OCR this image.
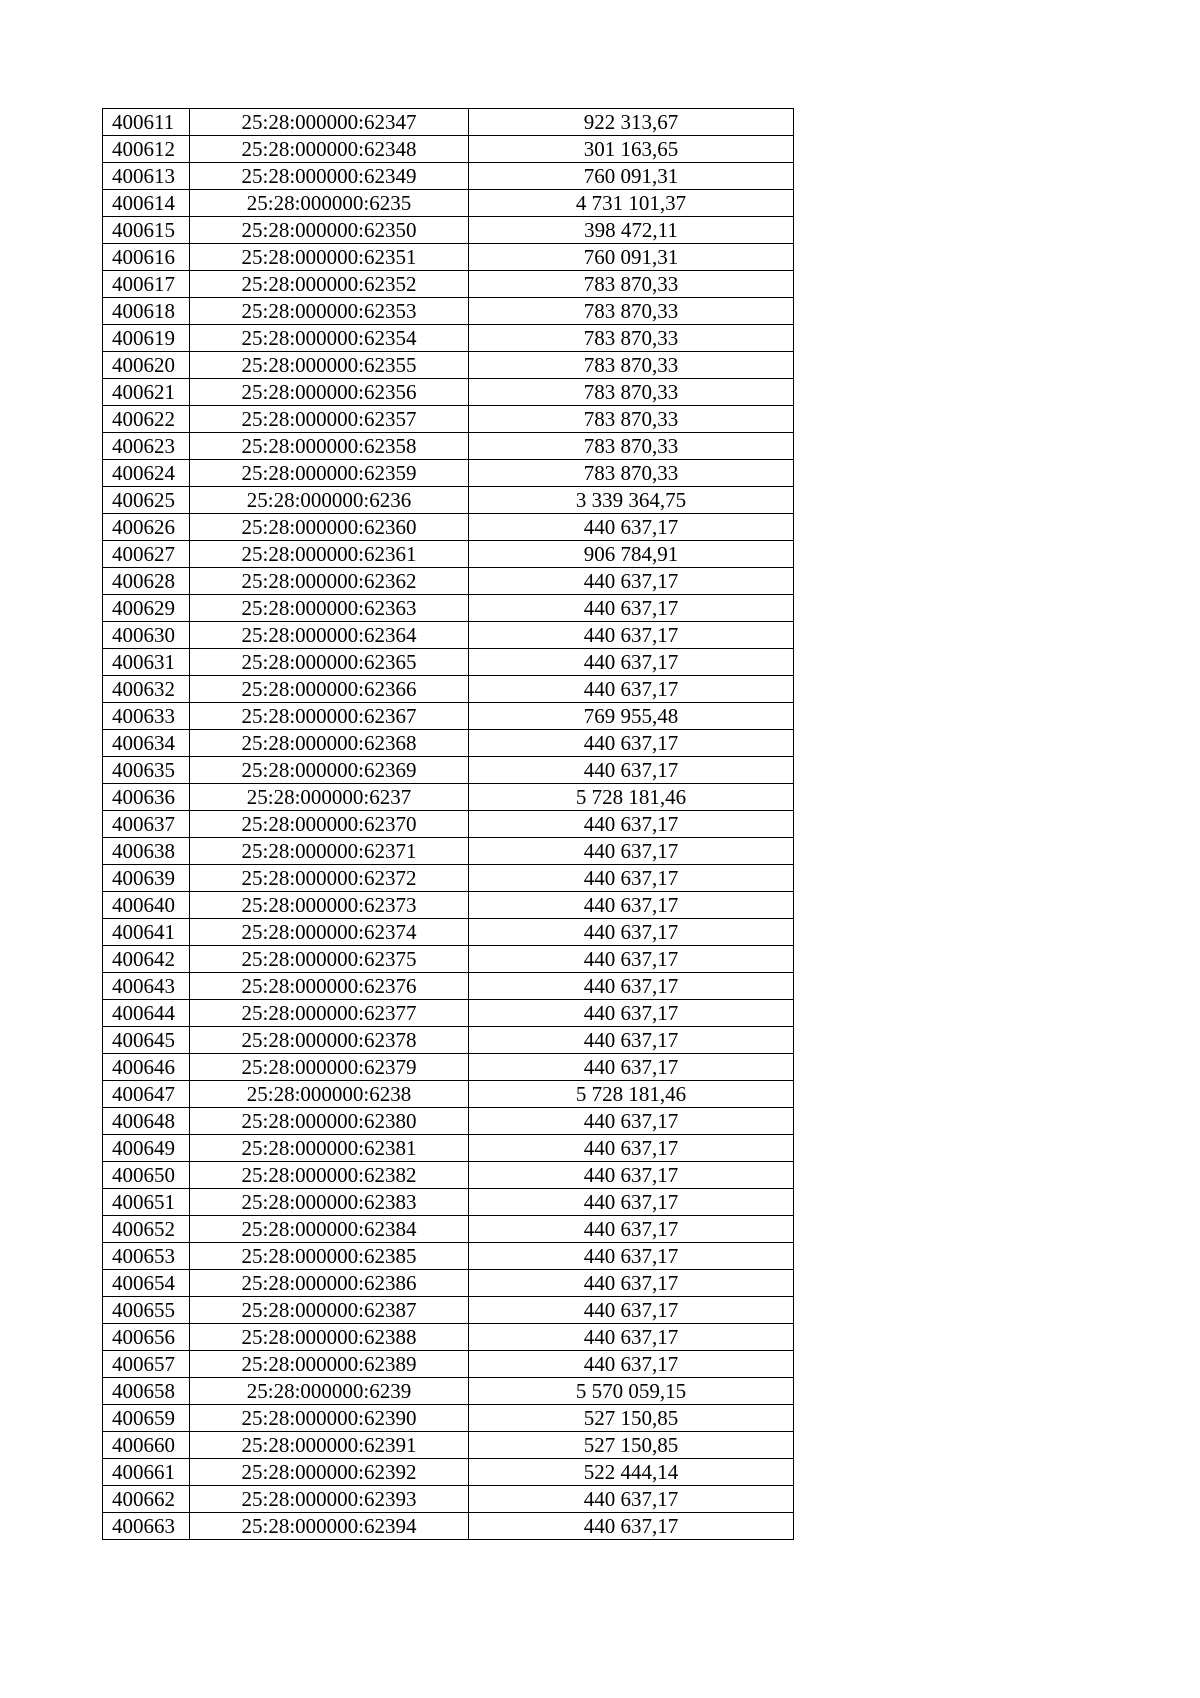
400611	25:28:000000:62347	922 313,67
400612	25:28:000000:62348	301 163,65
400613	25:28:000000:62349	760 091,31
400614	25:28:000000:6235	4 731 101,37
400615	25:28:000000:62350	398 472,11
400616	25:28:000000:62351	760 091,31
400617	25:28:000000:62352	783 870,33
400618	25:28:000000:62353	783 870,33
400619	25:28:000000:62354	783 870,33
400620	25:28:000000:62355	783 870,33
400621	25:28:000000:62356	783 870,33
400622	25:28:000000:62357	783 870,33
400623	25:28:000000:62358	783 870,33
400624	25:28:000000:62359	783 870,33
400625	25:28:000000:6236	3 339 364,75
400626	25:28:000000:62360	440 637,17
400627	25:28:000000:62361	906 784,91
400628	25:28:000000:62362	440 637,17
400629	25:28:000000:62363	440 637,17
400630	25:28:000000:62364	440 637,17
400631	25:28:000000:62365	440 637,17
400632	25:28:000000:62366	440 637,17
400633	25:28:000000:62367	769 955,48
400634	25:28:000000:62368	440 637,17
400635	25:28:000000:62369	440 637,17
400636	25:28:000000:6237	5 728 181,46
400637	25:28:000000:62370	440 637,17
400638	25:28:000000:62371	440 637,17
400639	25:28:000000:62372	440 637,17
400640	25:28:000000:62373	440 637,17
400641	25:28:000000:62374	440 637,17
400642	25:28:000000:62375	440 637,17
400643	25:28:000000:62376	440 637,17
400644	25:28:000000:62377	440 637,17
400645	25:28:000000:62378	440 637,17
400646	25:28:000000:62379	440 637,17
400647	25:28:000000:6238	5 728 181,46
400648	25:28:000000:62380	440 637,17
400649	25:28:000000:62381	440 637,17
400650	25:28:000000:62382	440 637,17
400651	25:28:000000:62383	440 637,17
400652	25:28:000000:62384	440 637,17
400653	25:28:000000:62385	440 637,17
400654	25:28:000000:62386	440 637,17
400655	25:28:000000:62387	440 637,17
400656	25:28:000000:62388	440 637,17
400657	25:28:000000:62389	440 637,17
400658	25:28:000000:6239	5 570 059,15
400659	25:28:000000:62390	527 150,85
400660	25:28:000000:62391	527 150,85
400661	25:28:000000:62392	522 444,14
400662	25:28:000000:62393	440 637,17
400663	25:28:000000:62394	440 637,17
